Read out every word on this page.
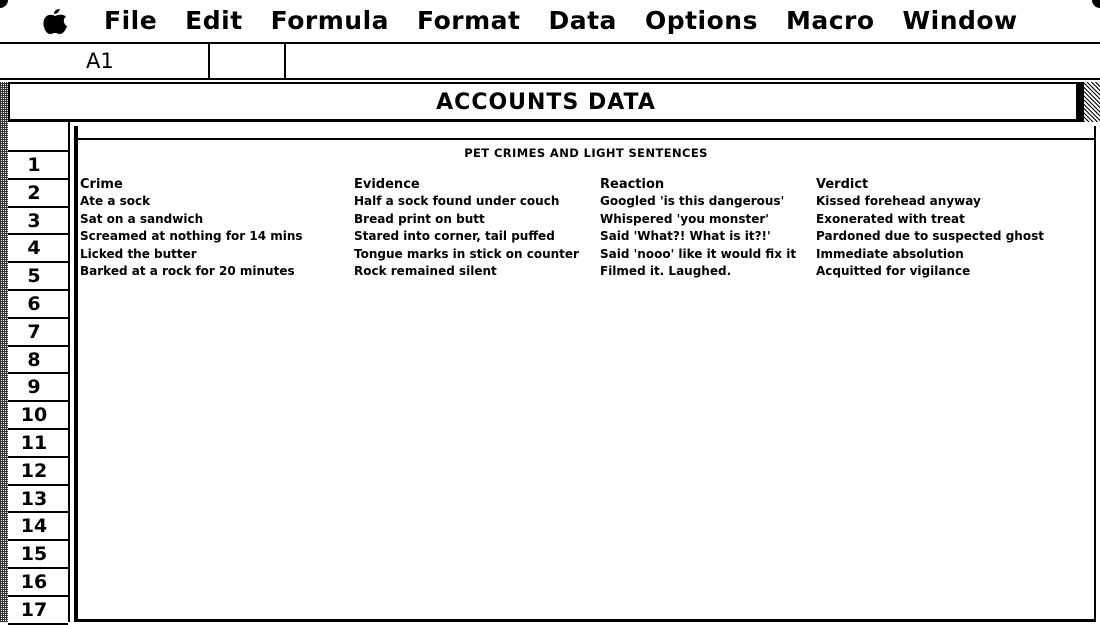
File	Edit	Formula	Format	Data	Options	Macro	Window
A1
ACCOUNTS DATA
1
2
3
4
5
6
7
8
9
10
11
12
13
14
15
16
17
PET CRIMES AND LIGHT SENTENCES
Crime	Evidence	Reaction	Verdict
Ate a sock	Half a sock found under couch	Googled 'is this dangerous'	Kissed forehead anyway
Sat on a sandwich	Bread print on butt	Whispered 'you monster'	Exonerated with treat
Screamed at nothing for 14 mins	Stared into corner, tail puffed	Said 'What?! What is it?!'	Pardoned due to suspected ghost
Licked the butter	Tongue marks in stick on counter	Said 'nooo' like it would fix it	Immediate absolution
Barked at a rock for 20 minutes	Rock remained silent	Filmed it. Laughed.	Acquitted for vigilance
